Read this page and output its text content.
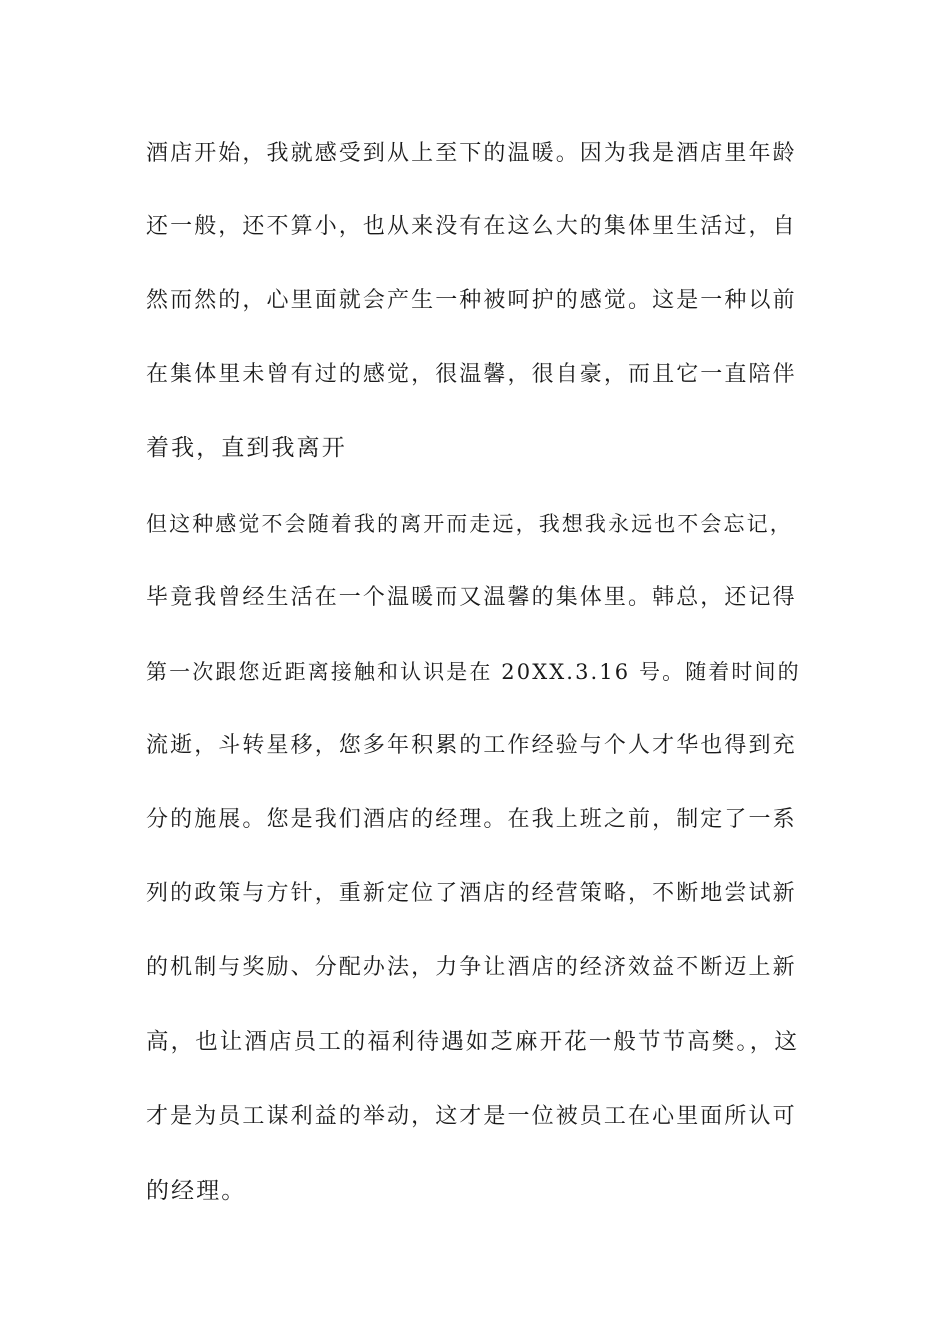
酒店开始，我就感受到从上至下的温暖。因为我是酒店里年龄
还一般，还不算小，也从来没有在这么大的集体里生活过，自
然而然的，心里面就会产生一种被呵护的感觉。这是一种以前
在集体里未曾有过的感觉，很温馨，很自豪，而且它一直陪伴
着我，直到我离开
但这种感觉不会随着我的离开而走远，我想我永远也不会忘记，
毕竟我曾经生活在一个温暖而又温馨的集体里。韩总，还记得
第一次跟您近距离接触和认识是在 20XX.3.16 号。随着时间的
流逝，斗转星移，您多年积累的工作经验与个人才华也得到充
分的施展。您是我们酒店的经理。在我上班之前，制定了一系
列的政策与方针，重新定位了酒店的经营策略，不断地尝试新
的机制与奖励、分配办法，力争让酒店的经济效益不断迈上新
高，也让酒店员工的福利待遇如芝麻开花一般节节高樊。，这
才是为员工谋利益的举动，这才是一位被员工在心里面所认可
的经理。
